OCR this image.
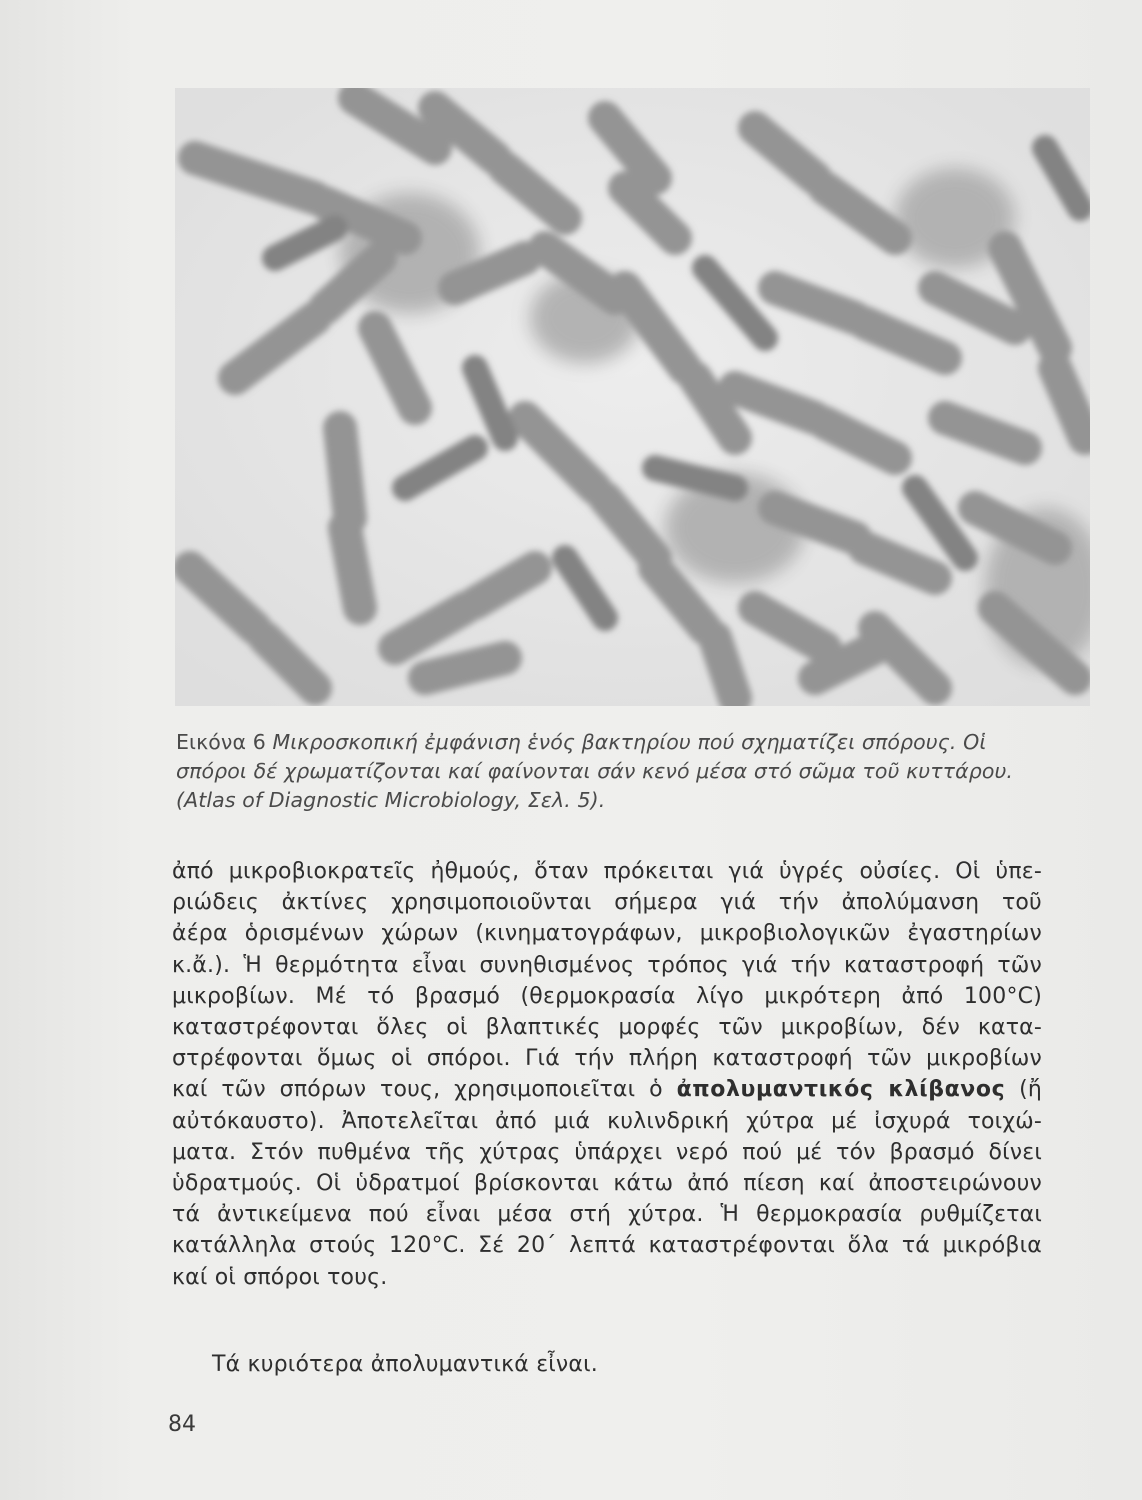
Εικόνα 6 Μικροσκοπική ἐμφάνιση ἑνός βακτηρίου πού σχηματίζει σπόρους. Οἱ

σπόροι δέ χρωματίζονται καί φαίνονται σάν κενό μέσα στό σῶμα τοῦ κυττάρου.

(Atlas of Diagnostic Microbiology, Σελ. 5).

ἀπό μικροβιοκρατεῖς ἠθμούς, ὅταν πρόκειται γιά ὑγρές οὐσίες. Οἱ ὑπε-

ριώδεις ἀκτίνες χρησιμοποιοῦνται σήμερα γιά τήν ἀπολύμανση τοῦ

ἀέρα ὁρισμένων χώρων (κινηματογράφων, μικροβιολογικῶν ἐγαστηρίων

κ.ἄ.). Ἡ θερμότητα εἶναι συνηθισμένος τρόπος γιά τήν καταστροφή τῶν

μικροβίων. Μέ τό βρασμό (θερμοκρασία λίγο μικρότερη ἀπό 100°C)

καταστρέφονται ὅλες οἱ βλαπτικές μορφές τῶν μικροβίων, δέν κατα-

στρέφονται ὅμως οἱ σπόροι. Γιά τήν πλήρη καταστροφή τῶν μικροβίων

καί τῶν σπόρων τους, χρησιμοποιεῖται ὁ ἀπολυμαντικός κλίβανος (ἤ

αὐτόκαυστο). Ἀποτελεῖται ἀπό μιά κυλινδρική χύτρα μέ ἰσχυρά τοιχώ-

ματα. Στόν πυθμένα τῆς χύτρας ὑπάρχει νερό πού μέ τόν βρασμό δίνει

ὑδρατμούς. Οἱ ὑδρατμοί βρίσκονται κάτω ἀπό πίεση καί ἀποστειρώνουν

τά ἀντικείμενα πού εἶναι μέσα στή χύτρα. Ἡ θερμοκρασία ρυθμίζεται

κατάλληλα στούς 120°C. Σέ 20΄ λεπτά καταστρέφονται ὅλα τά μικρόβια

καί οἱ σπόροι τους.

Τά κυριότερα ἀπολυμαντικά εἶναι.
84
